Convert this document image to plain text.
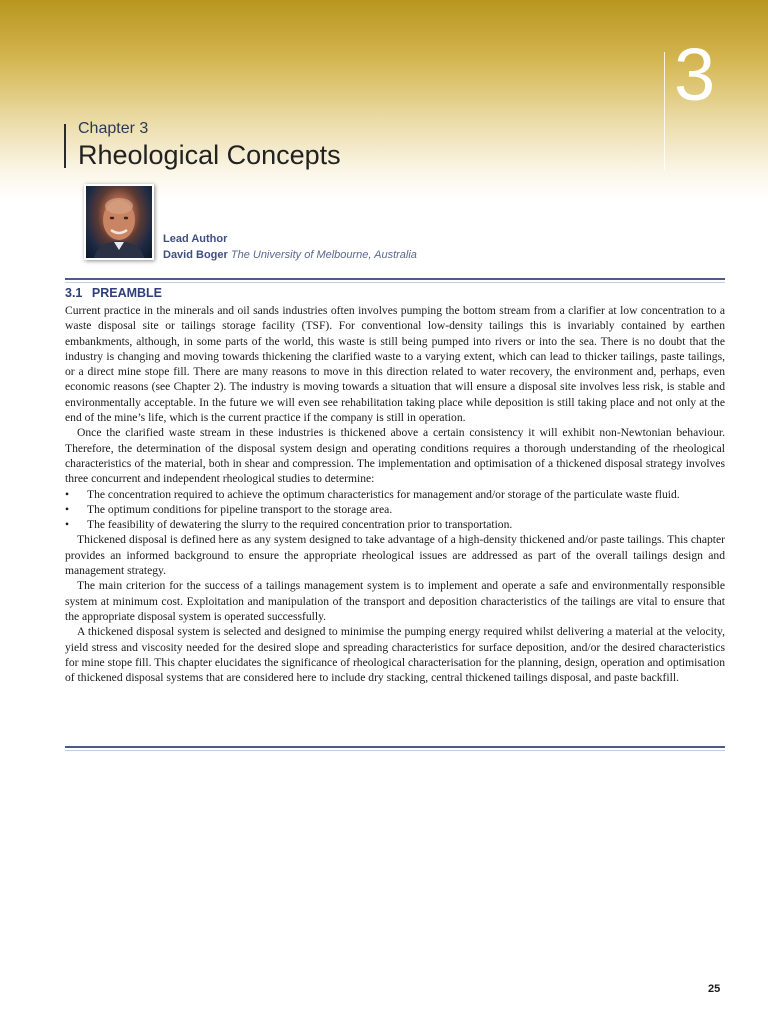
3
Chapter 3
Rheological Concepts
Lead Author
David Boger The University of Melbourne, Australia
3.1 PREAMBLE

Current practice in the minerals and oil sands industries often involves pumping the bottom stream from a clarifier at low concentration to a waste disposal site or tailings storage facility (TSF). For conventional low-density tailings this is invariably contained by earthen embankments, although, in some parts of the world, this waste is still being pumped into rivers or into the sea. There is no doubt that the industry is changing and moving towards thickening the clarified waste to a varying extent, which can lead to thicker tailings, paste tailings, or a direct mine stope fill. There are many reasons to move in this direction related to water recovery, the environment and, perhaps, even economic reasons (see Chapter 2). The industry is moving towards a situation that will ensure a disposal site involves less risk, is stable and environmentally acceptable. In the future we will even see rehabilitation taking place while deposition is still taking place and not only at the end of the mine’s life, which is the current practice if the company is still in operation.

Once the clarified waste stream in these industries is thickened above a certain consistency it will exhibit non-Newtonian behaviour. Therefore, the determination of the disposal system design and operating conditions requires a thorough understanding of the rheological characteristics of the material, both in shear and compression. The implementation and optimisation of a thickened disposal strategy involves three concurrent and independent rheological studies to determine:

• The concentration required to achieve the optimum characteristics for management and/or storage of the particulate waste fluid.
• The optimum conditions for pipeline transport to the storage area.
• The feasibility of dewatering the slurry to the required concentration prior to transportation.

Thickened disposal is defined here as any system designed to take advantage of a high-density thickened and/or paste tailings. This chapter provides an informed background to ensure the appropriate rheological issues are addressed as part of the overall tailings design and management strategy.

The main criterion for the success of a tailings management system is to implement and operate a safe and environmentally responsible system at minimum cost. Exploitation and manipulation of the transport and deposition characteristics of the tailings are vital to ensure that the appropriate disposal system is operated successfully.

A thickened disposal system is selected and designed to minimise the pumping energy required whilst delivering a material at the velocity, yield stress and viscosity needed for the desired slope and spreading characteristics for surface deposition, and/or the desired characteristics for mine stope fill. This chapter elucidates the significance of rheological characterisation for the planning, design, operation and optimisation of thickened disposal systems that are considered here to include dry stacking, central thickened tailings disposal, and paste backfill.

25
